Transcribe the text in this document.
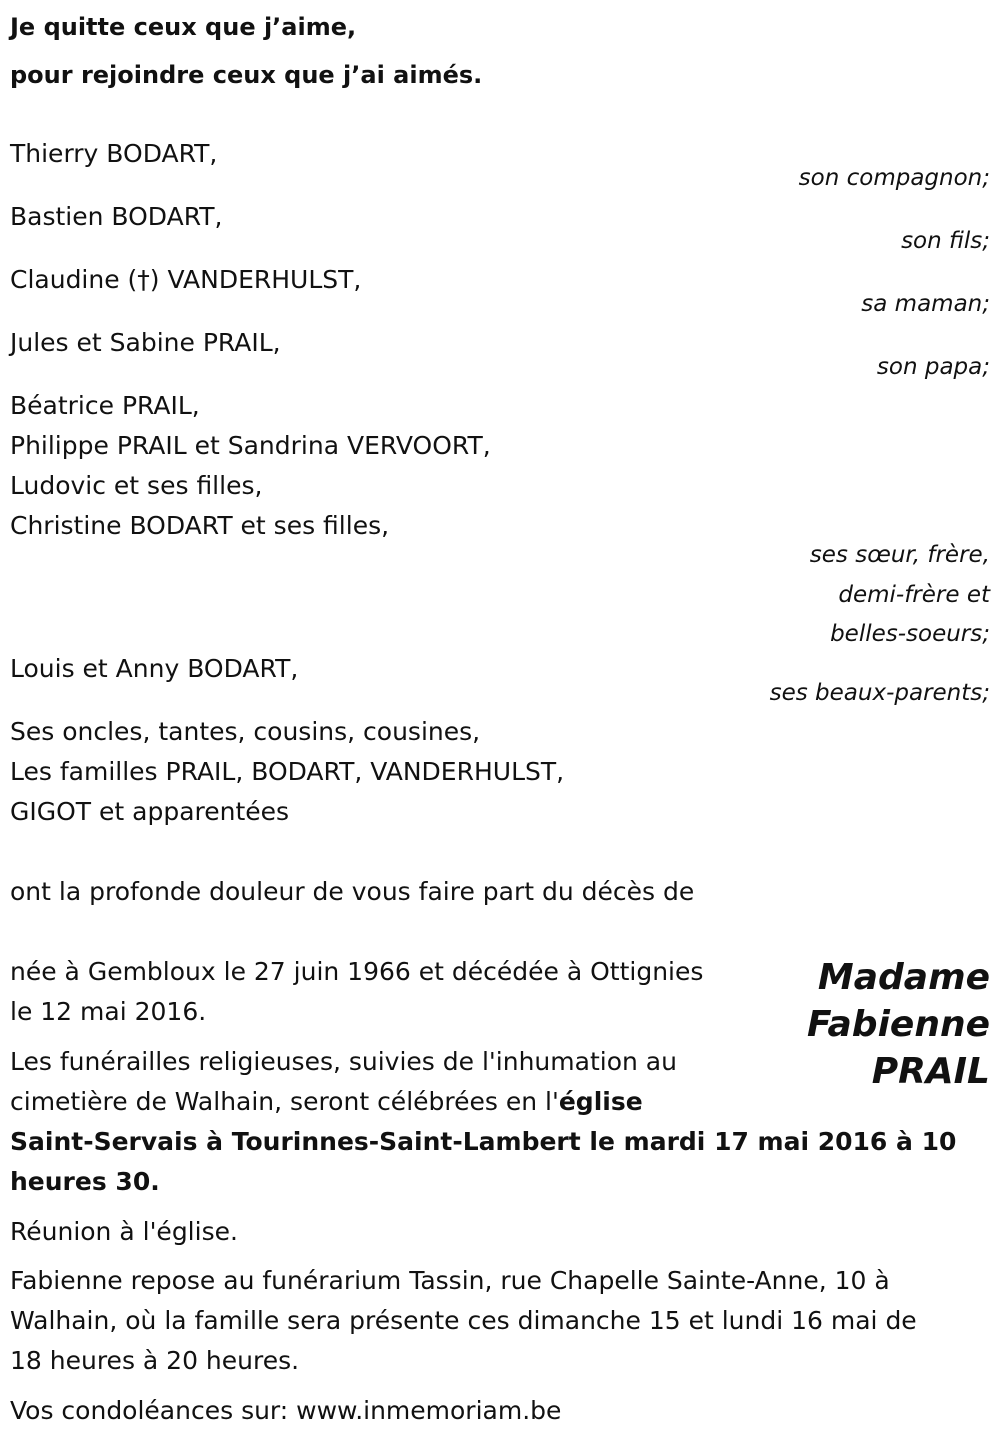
Je quitte ceux que j’aime,
pour rejoindre ceux que j’ai aimés.
Thierry BODART,
son compagnon;
Bastien BODART,
son fils;
Claudine (†) VANDERHULST,
sa maman;
Jules et Sabine PRAIL,
son papa;
Béatrice PRAIL,
Philippe PRAIL et Sandrina VERVOORT,
Ludovic et ses filles,
Christine BODART et ses filles,
ses sœur, frère,
demi-frère et
belles-soeurs;
Louis et Anny BODART,
ses beaux-parents;
Ses oncles, tantes, cousins, cousines,
Les familles PRAIL, BODART, VANDERHULST,
GIGOT et apparentées
ont la profonde douleur de vous faire part du décès de
Madame
Fabienne
PRAIL
née à Gembloux le 27 juin 1966 et décédée à Ottignies
le 12 mai 2016.
Les funérailles religieuses, suivies de l'inhumation au
cimetière de Walhain, seront célébrées en l'église
Saint-Servais à Tourinnes-Saint-Lambert le mardi 17 mai 2016 à 10
heures 30.
Réunion à l'église.
Fabienne repose au funérarium Tassin, rue Chapelle Sainte-Anne, 10 à
Walhain, où la famille sera présente ces dimanche 15 et lundi 16 mai de
18 heures à 20 heures.
Vos condoléances sur: www.inmemoriam.be
